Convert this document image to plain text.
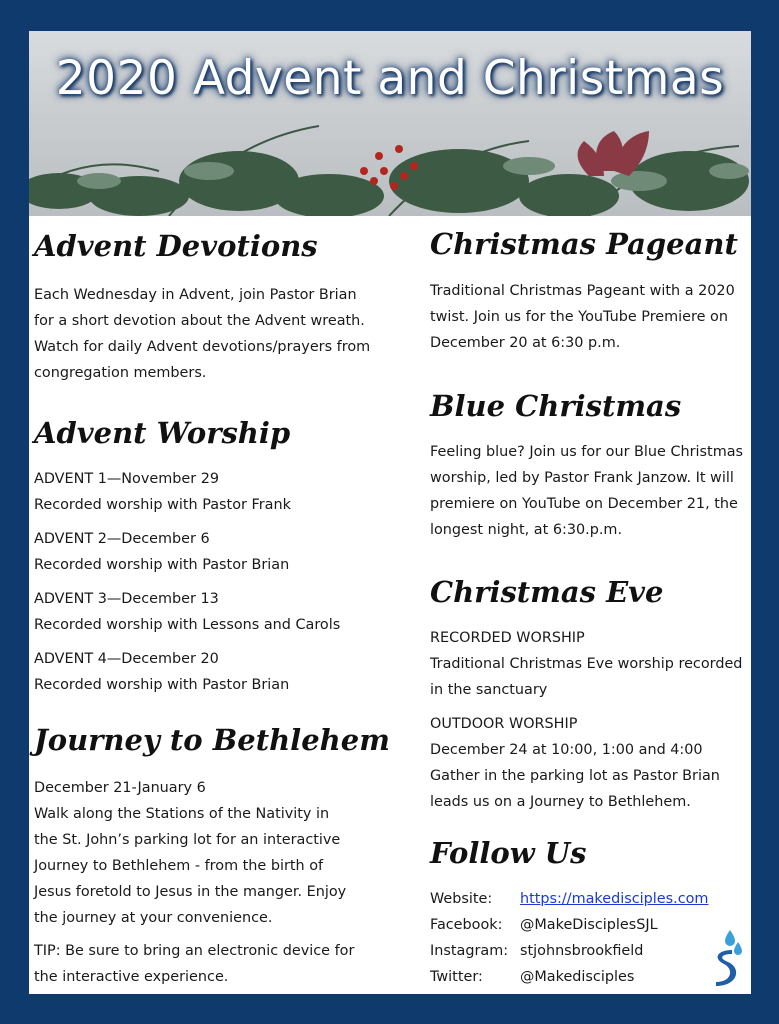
2020 Advent and Christmas
Advent Devotions

Each Wednesday in Advent, join Pastor Brian
for a short devotion about the Advent wreath.
Watch for daily Advent devotions/prayers from
congregation members.

Advent Worship

ADVENT 1—November 29
Recorded worship with Pastor Frank

ADVENT 2—December 6
Recorded worship with Pastor Brian

ADVENT 3—December 13
Recorded worship with Lessons and Carols

ADVENT 4—December 20
Recorded worship with Pastor Brian

Journey to Bethlehem

December 21-January 6
Walk along the Stations of the Nativity in
the St. John’s parking lot for an interactive
Journey to Bethlehem - from the birth of
Jesus foretold to Jesus in the manger. Enjoy
the journey at your convenience.

TIP: Be sure to bring an electronic device for
the interactive experience.

Christmas Pageant

Traditional Christmas Pageant with a 2020
twist. Join us for the YouTube Premiere on
December 20 at 6:30 p.m.

Blue Christmas

Feeling blue? Join us for our Blue Christmas
worship, led by Pastor Frank Janzow. It will
premiere on YouTube on December 21, the
longest night, at 6:30.p.m.

Christmas Eve

RECORDED WORSHIP
Traditional Christmas Eve worship recorded
in the sanctuary

OUTDOOR WORSHIP
December 24 at 10:00, 1:00 and 4:00
Gather in the parking lot as Pastor Brian
leads us on a Journey to Bethlehem.

Follow Us
Website: https://makedisciples.com
Facebook: @MakeDisciplesSJL
Instagram: stjohnsbrookfield
Twitter:	@Makedisciples
